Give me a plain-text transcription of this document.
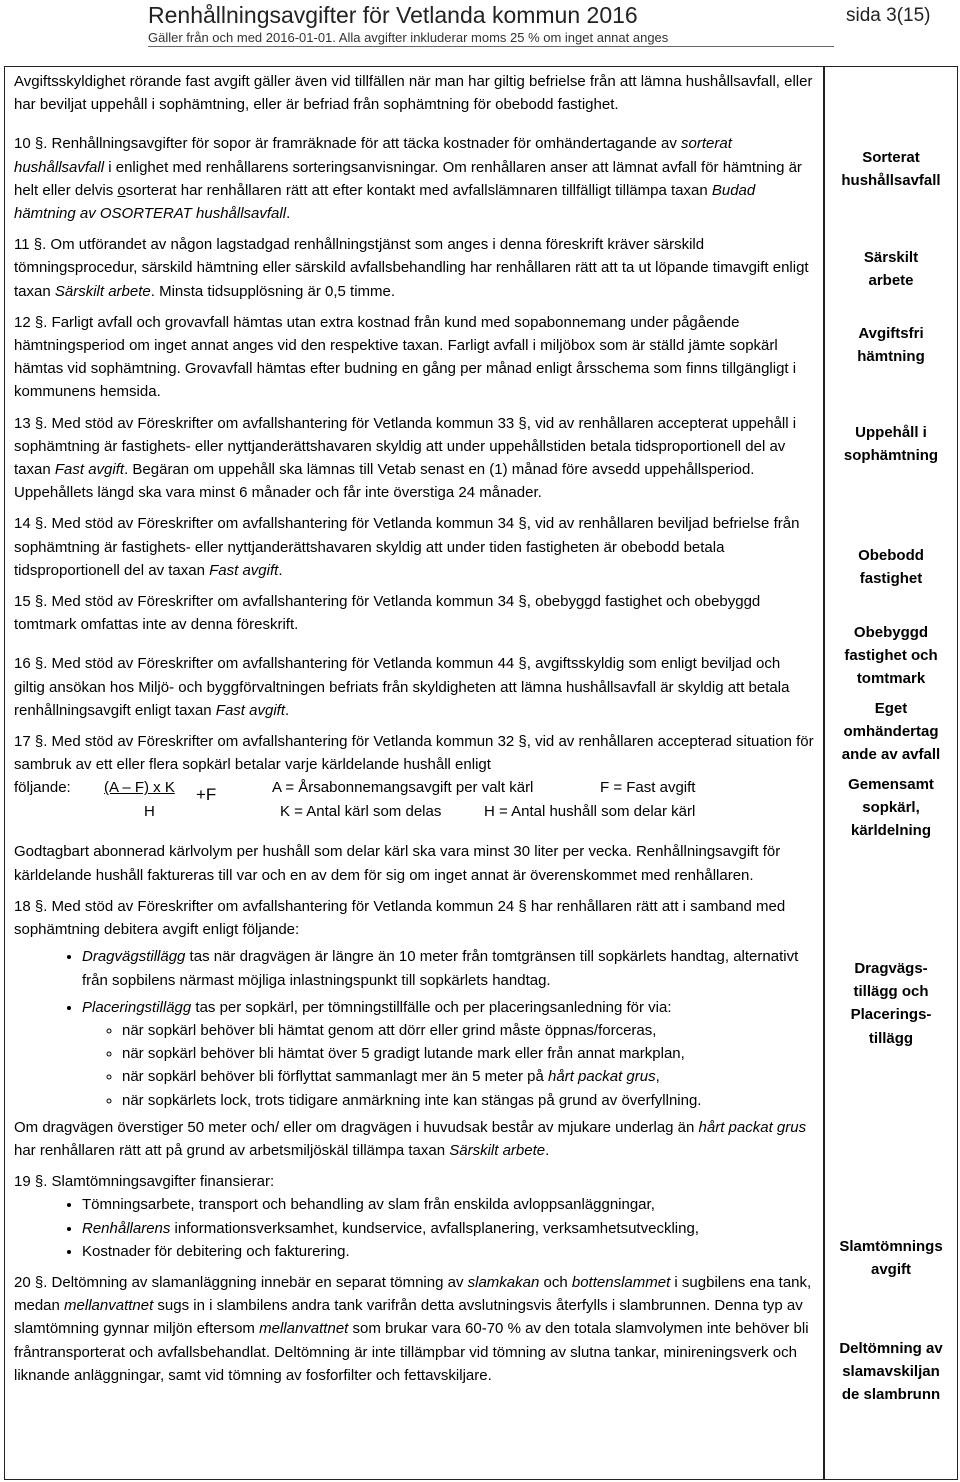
Renhållningsavgifter för Vetlanda kommun 2016
Gäller från och med 2016-01-01. Alla avgifter inkluderar moms 25 % om inget annat anges
sida 3(15)

Avgiftsskyldighet rörande fast avgift gäller även vid tillfällen när man har giltig befrielse från att lämna hushållsavfall, eller har beviljat uppehåll i sophämtning, eller är befriad från sophämtning för obebodd fastighet.

10 §. Renhållningsavgifter för sopor är framräknade för att täcka kostnader för omhändertagande av sorterat hushållsavfall i enlighet med renhållarens sorteringsanvisningar. Om renhållaren anser att lämnat avfall för hämtning är helt eller delvis osorterat har renhållaren rätt att efter kontakt med avfallslämnaren tillfälligt tillämpa taxan Budad hämtning av OSORTERAT hushållsavfall.

11 §. Om utförandet av någon lagstadgad renhållningstjänst som anges i denna föreskrift kräver särskild tömningsprocedur, särskild hämtning eller särskild avfallsbehandling har renhållaren rätt att ta ut löpande timavgift enligt taxan Särskilt arbete. Minsta tidsupplösning är 0,5 timme.

12 §. Farligt avfall och grovavfall hämtas utan extra kostnad från kund med sopabonnemang under pågående hämtningsperiod om inget annat anges vid den respektive taxan. Farligt avfall i miljöbox som är ställd jämte sopkärl hämtas vid sophämtning. Grovavfall hämtas efter budning en gång per månad enligt årsschema som finns tillgängligt i kommunens hemsida.

13 §. Med stöd av Föreskrifter om avfallshantering för Vetlanda kommun 33 §, vid av renhållaren accepterat uppehåll i sophämtning är fastighets- eller nyttjanderättshavaren skyldig att under uppehållstiden betala tidsproportionell del av taxan Fast avgift. Begäran om uppehåll ska lämnas till Vetab senast en (1) månad före avsedd uppehållsperiod. Uppehållets längd ska vara minst 6 månader och får inte överstiga 24 månader.

14 §. Med stöd av Föreskrifter om avfallshantering för Vetlanda kommun 34 §, vid av renhållaren beviljad befrielse från sophämtning är fastighets- eller nyttjanderättshavaren skyldig att under tiden fastigheten är obebodd betala tidsproportionell del av taxan Fast avgift.

15 §. Med stöd av Föreskrifter om avfallshantering för Vetlanda kommun 34 §, obebyggd fastighet och obebyggd tomtmark omfattas inte av denna föreskrift.

16 §. Med stöd av Föreskrifter om avfallshantering för Vetlanda kommun 44 §, avgiftsskyldig som enligt beviljad och giltig ansökan hos Miljö- och byggförvaltningen befriats från skyldigheten att lämna hushållsavfall är skyldig att betala renhållningsavgift enligt taxan Fast avgift.

17 §. Med stöd av Föreskrifter om avfallshantering för Vetlanda kommun 32 §, vid av renhållaren accepterad situation för sambruk av ett eller flera sopkärl betalar varje kärldelande hushåll enligt

följande: (A – F) x K
H
+F	A = Årsabonnemangsavgift per valt kärl	F = Fast avgift
K = Antal kärl som delas	H = Antal hushåll som delar kärl

Godtagbart abonnerad kärlvolym per hushåll som delar kärl ska vara minst 30 liter per vecka. Renhållningsavgift för kärldelande hushåll faktureras till var och en av dem för sig om inget annat är överenskommet med renhållaren.

18 §. Med stöd av Föreskrifter om avfallshantering för Vetlanda kommun 24 § har renhållaren rätt att i samband med sophämtning debitera avgift enligt följande:

• Dragvägstillägg tas när dragvägen är längre än 10 meter från tomtgränsen till sopkärlets handtag, alternativt från sopbilens närmast möjliga inlastningspunkt till sopkärlets handtag.
• Placeringstillägg tas per sopkärl, per tömningstillfälle och per placeringsanledning för via:
◦ när sopkärl behöver bli hämtat genom att dörr eller grind måste öppnas/forceras,
◦ när sopkärl behöver bli hämtat över 5 gradigt lutande mark eller från annat markplan,
◦ när sopkärl behöver bli förflyttat sammanlagt mer än 5 meter på hårt packat grus,
◦ när sopkärlets lock, trots tidigare anmärkning inte kan stängas på grund av överfyllning.

Om dragvägen överstiger 50 meter och/ eller om dragvägen i huvudsak består av mjukare underlag än hårt packat grus har renhållaren rätt att på grund av arbetsmiljöskäl tillämpa taxan Särskilt arbete.

19 §. Slamtömningsavgifter finansierar:

• Tömningsarbete, transport och behandling av slam från enskilda avloppsanläggningar,
• Renhållarens informationsverksamhet, kundservice, avfallsplanering, verksamhetsutveckling,
• Kostnader för debitering och fakturering.

20 §. Deltömning av slamanläggning innebär en separat tömning av slamkakan och bottenslammet i sugbilens ena tank, medan mellanvattnet sugs in i slambilens andra tank varifrån detta avslutningsvis återfylls i slambrunnen. Denna typ av slamtömning gynnar miljön eftersom mellanvattnet som brukar vara 60-70 % av den totala slamvolymen inte behöver bli fråntransporterat och avfallsbehandlat. Deltömning är inte tillämpbar vid tömning av slutna tankar, minireningsverk och liknande anläggningar, samt vid tömning av fosforfilter och fettavskiljare.

Sorterat hushållsavfall
Särskilt arbete
Avgiftsfri hämtning
Uppehåll i sophämtning
Obebodd fastighet
Obebyggd fastighet och tomtmark
Eget omhändertag ande av avfall
Gemensamt sopkärl, kärldelning
Dragvägs-tillägg och Placerings-tillägg
Slamtömnings avgift
Deltömning av slamavskiljan de slambrunn
